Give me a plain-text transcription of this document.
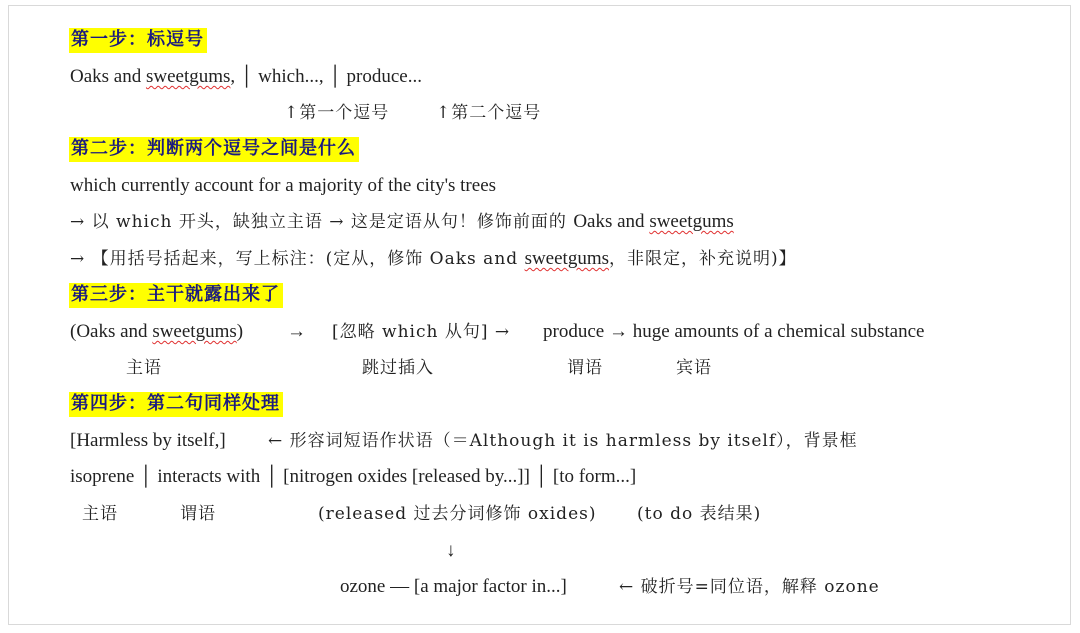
第一步：标逗号
Oaks and sweetgums, │ which..., │ produce...
↑第一个逗号	↑第二个逗号
第二步：判断两个逗号之间是什么
which currently account for a majority of the city's trees
→ 以 which 开头，缺独立主语 → 这是定语从句！修饰前面的 Oaks and sweetgums
→ 【用括号括起来，写上标注：(定从，修饰 Oaks and sweetgums，非限定，补充说明)】
第三步：主干就露出来了
(Oaks and sweetgums) → [忽略 which 从句] → produce → huge amounts of a chemical substance
主语	跳过插入	谓语	宾语
第四步：第二句同样处理
[Harmless by itself,] ← 形容词短语作状语（＝Although it is harmless by itself），背景框
isoprene │ interacts with │ [nitrogen oxides [released by...]] │ [to form...]
主语	谓语	(released 过去分词修饰 oxides) (to do 表结果)
↓
ozone — [a major factor in...]	← 破折号=同位语，解释 ozone
